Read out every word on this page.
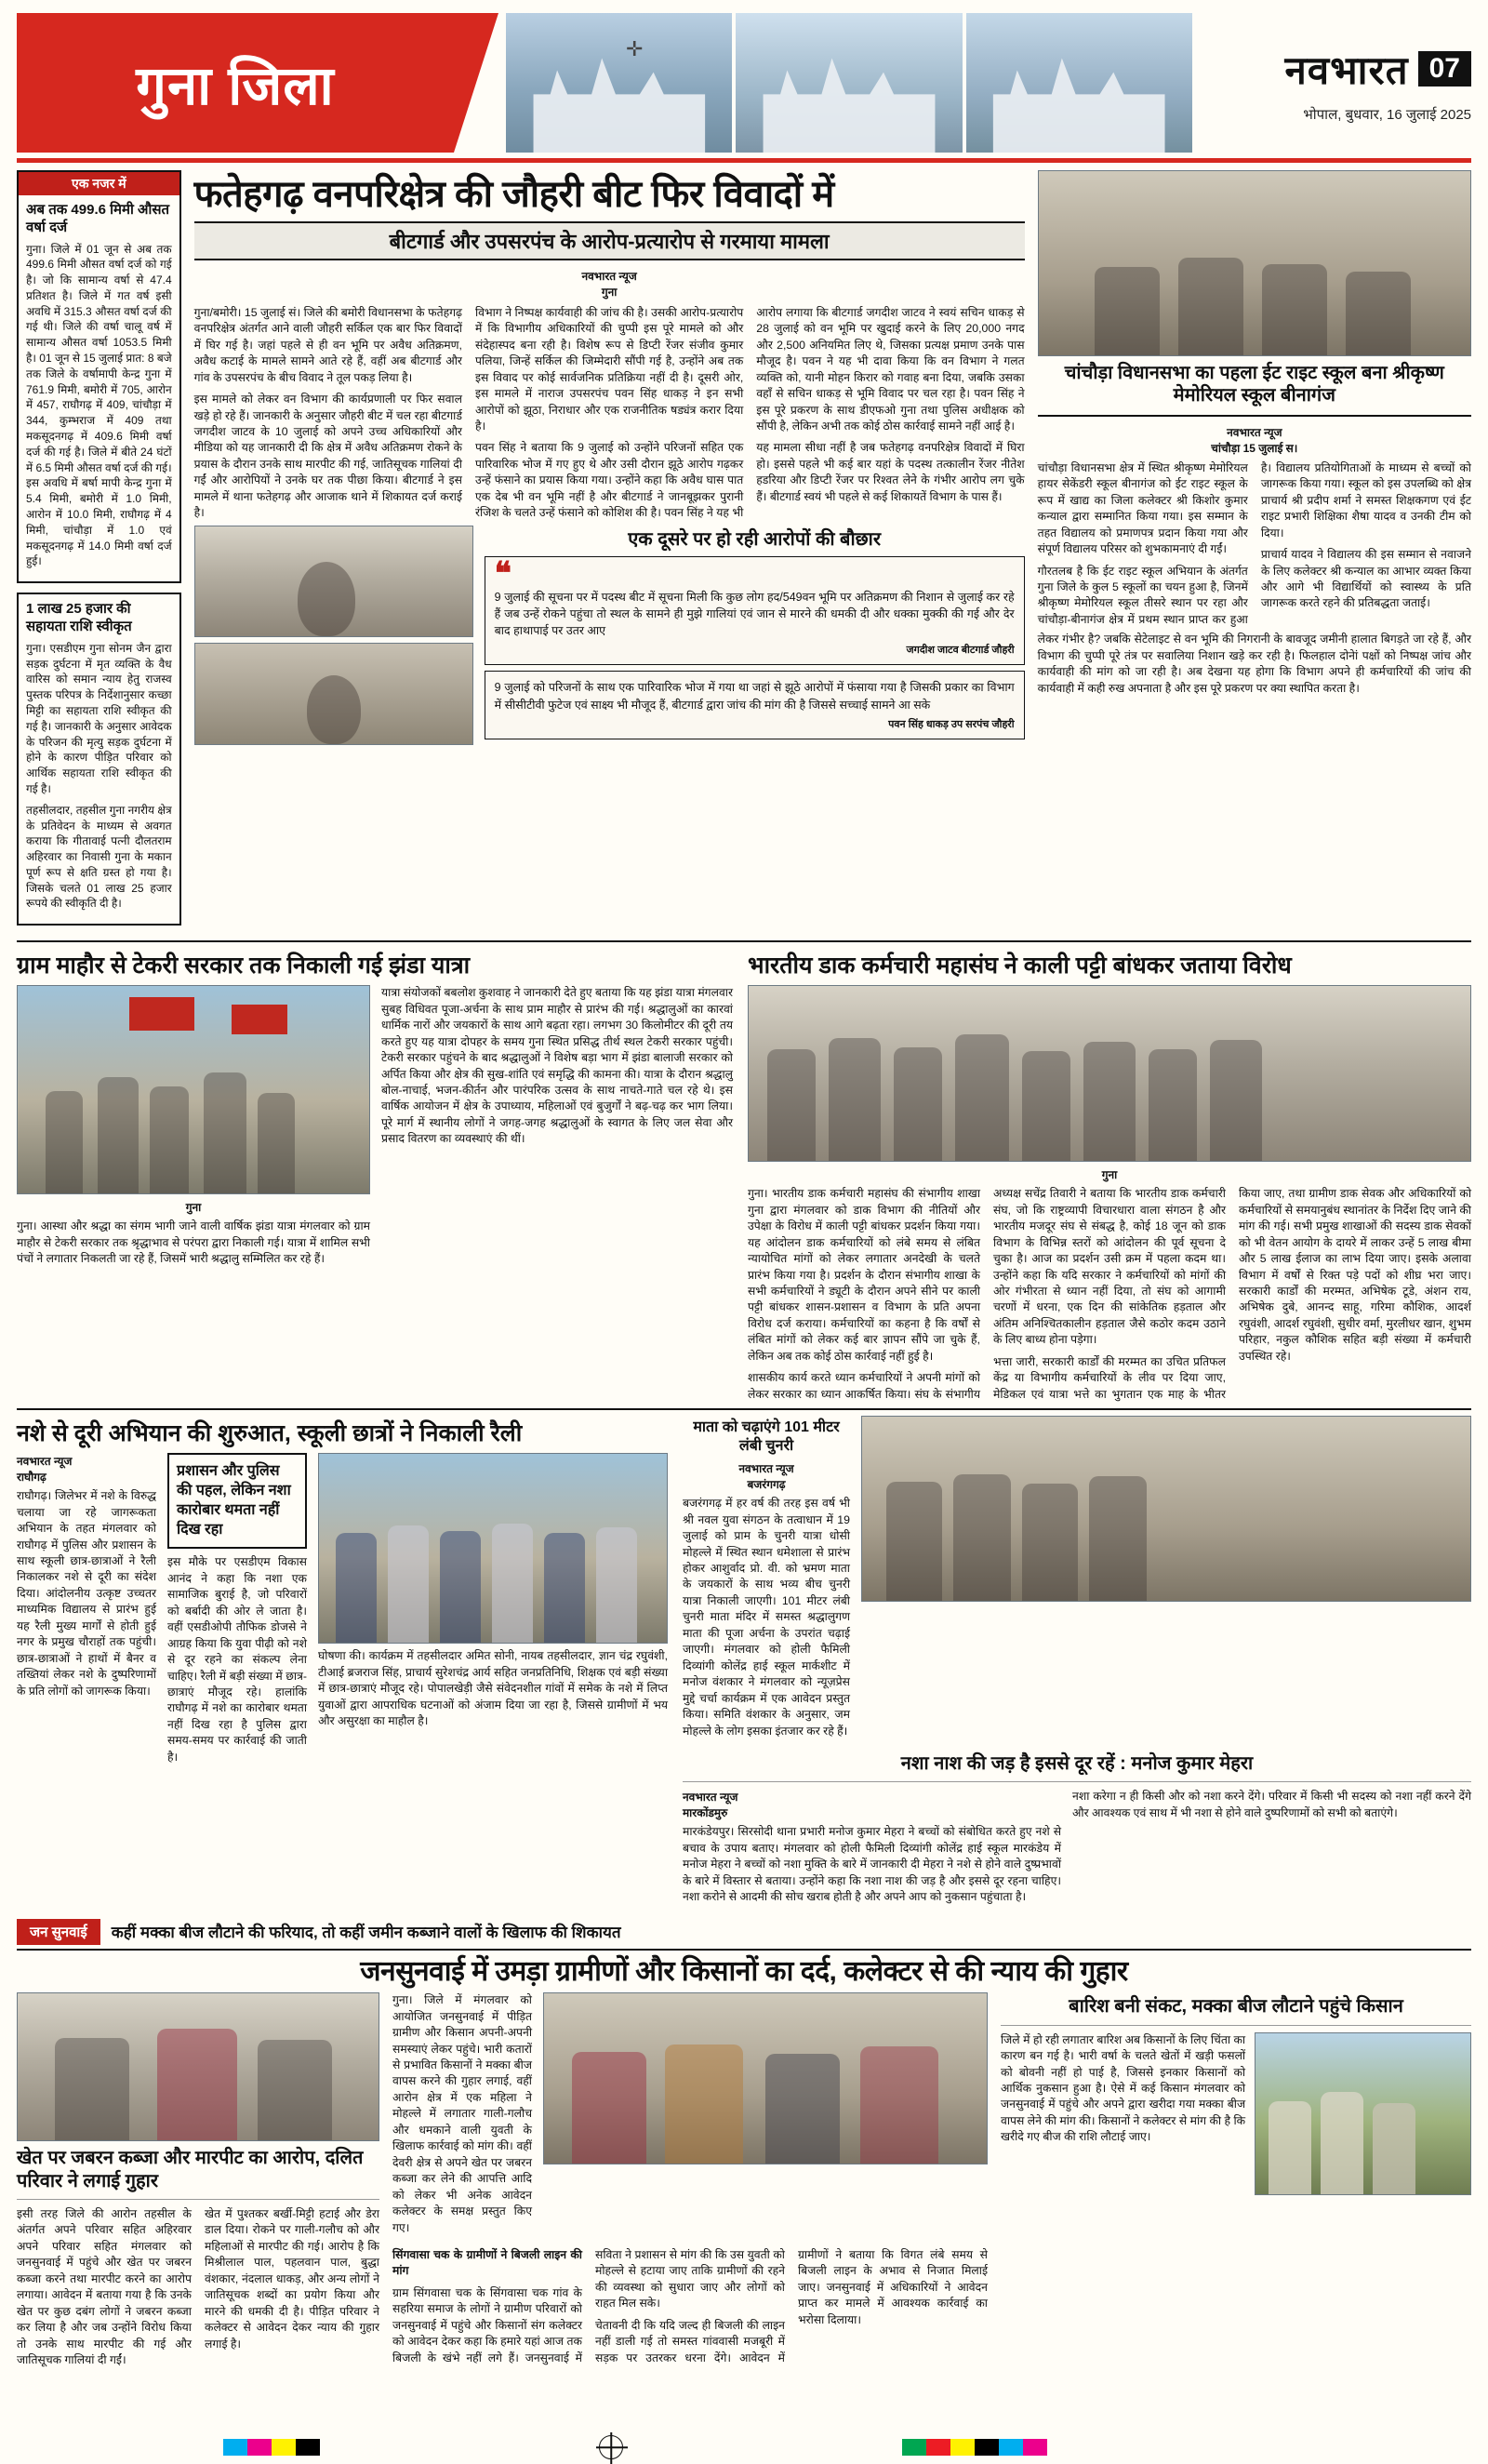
गुना जिला
✛	नवभारत 07
भोपाल, बुधवार, 16 जुलाई 2025
एक नजर में
अब तक 499.6 मिमी औसत वर्षा दर्ज

गुना। जिले में 01 जून से अब तक 499.6 मिमी औसत वर्षा दर्ज को गई है। जो कि सामान्य वर्षा से 47.4 प्रतिशत है। जिले में गत वर्ष इसी अवधि में 315.3 औसत वर्षा दर्ज की गई थी। जिले की वर्षा चालू वर्ष में सामान्य औसत वर्षा 1053.5 मिमी है। 01 जून से 15 जुलाई प्रात: 8 बजे तक जिले के वर्षामापी केन्द्र गुना में 761.9 मिमी, बमोरी में 705, आरोन में 457, राघौगढ़ में 409, चांचौड़ा में 344, कुम्भराज में 409 तथा मकसूदनगढ़ में 409.6 मिमी वर्षा दर्ज की गई है। जिले में बीते 24 घंटों में 6.5 मिमी औसत वर्षा दर्ज की गई। इस अवधि में बर्षा मापी केन्द्र गुना में 5.4 मिमी, बमोरी में 1.0 मिमी, आरोन में 10.0 मिमी, राघौगढ़ में 4 मिमी, चांचौड़ा में 1.0 एवं मकसूदनगढ़ में 14.0 मिमी वर्षा दर्ज हुई।

1 लाख 25 हजार की सहायता राशि स्वीकृत

गुना। एसडीएम गुना सोनम जैन द्वारा सड़क दुर्घटना में मृत व्यक्ति के वैध वारिस को समान न्याय हेतु राजस्व पुस्तक परिपत्र के निर्देशानुसार कच्छा मिट्टी का सहायता राशि स्वीकृत की गई है। जानकारी के अनुसार आवेदक के परिजन की मृत्यु सड़क दुर्घटना में होने के कारण पीड़ित परिवार को आर्थिक सहायता राशि स्वीकृत की गई है।

तहसीलदार, तहसील गुना नगरीय क्षेत्र के प्रतिवेदन के माध्यम से अवगत कराया कि गीतावाई पत्नी दौलतराम अहिरवार का निवासी गुना के मकान पूर्ण रूप से क्षति ग्रस्त हो गया है। जिसके चलते 01 लाख 25 हजार रूपये की स्वीकृति दी है।

फतेहगढ़ वनपरिक्षेत्र की जौहरी बीट फिर विवादों में
बीटगार्ड और उपसरपंच के आरोप-प्रत्यारोप से गरमाया मामला
नवभारत न्यूज
गुना

गुना/बमोरी। 15 जुलाई सं। जिले की बमोरी विधानसभा के फतेहगढ़ वनपरिक्षेत्र अंतर्गत आने वाली जौहरी सर्किल एक बार फिर विवादों में घिर गई है। जहां पहले से ही वन भूमि पर अवैध अतिक्रमण, अवैध कटाई के मामले सामने आते रहे हैं, वहीं अब बीटगार्ड और गांव के उपसरपंच के बीच विवाद ने तूल पकड़ लिया है।

इस मामले को लेकर वन विभाग की कार्यप्रणाली पर फिर सवाल खड़े हो रहे हैं। जानकारी के अनुसार जौहरी बीट में चल रहा बीटगार्ड जगदीश जाटव के 10 जुलाई को अपने उच्च अधिकारियों और मीडिया को यह जानकारी दी कि क्षेत्र में अवैध अतिक्रमण रोकने के प्रयास के दौरान उनके साथ मारपीट की गई, जातिसूचक गालियां दी गईं और आरोपियों ने उनके घर तक पीछा किया। बीटगार्ड ने इस मामले में थाना फतेहगढ़ और आजाक थाने में शिकायत दर्ज कराई है।

विभाग ने निष्पक्ष कार्यवाही की जांच की है। उसकी आरोप-प्रत्यारोप में कि विभागीय अधिकारियों की चुप्पी इस पूरे मामले को और संदेहास्पद बना रही है। विशेष रूप से डिप्टी रेंजर संजीव कुमार पलिया, जिन्हें सर्किल की जिम्मेदारी सौंपी गई है, उन्होंने अब तक इस विवाद पर कोई सार्वजनिक प्रतिक्रिया नहीं दी है। दूसरी ओर, इस मामले में नाराज उपसरपंच पवन सिंह धाकड़ ने इन सभी आरोपों को झूठा, निराधार और एक राजनीतिक षड्यंत्र करार दिया है।

पवन सिंह ने बताया कि 9 जुलाई को उन्होंने परिजनों सहित एक पारिवारिक भोज में गए हुए थे और उसी दौरान झूठे आरोप गढ़कर उन्हें फंसाने का प्रयास किया गया। उन्होंने कहा कि अवैध घास पात एक देब भी वन भूमि नहीं है और बीटगार्ड ने जानबूझकर पुरानी रंजिश के चलते उन्हें फंसाने को कोशिश की है। पवन सिंह ने यह भी आरोप लगाया कि बीटगार्ड जगदीश जाटव ने स्वयं सचिन धाकड़ से 28 जुलाई को वन भूमि पर खुदाई करने के लिए 20,000 नगद और 2,500 अनियमित लिए थे, जिसका प्रत्यक्ष प्रमाण उनके पास मौजूद है। पवन ने यह भी दावा किया कि वन विभाग ने गलत व्यक्ति को, यानी मोहन किरार को गवाह बना दिया, जबकि उसका वहाँ से सचिन धाकड़ से भूमि विवाद पर चल रहा है। पवन सिंह ने इस पूरे प्रकरण के साथ डीएफओ गुना तथा पुलिस अधीक्षक को सौंपी है, लेकिन अभी तक कोई ठोस कार्रवाई सामने नहीं आई है।

यह मामला सीधा नहीं है जब फतेहगढ़ वनपरिक्षेत्र विवादों में घिरा हो। इससे पहले भी कई बार यहां के पदस्थ तत्कालीन रेंजर नीतेश हडरिया और डिप्टी रेंजर पर रिश्वत लेने के गंभीर आरोप लग चुके हैं। बीटगार्ड स्वयं भी पहले से कई शिकायतें विभाग के पास हैं।

एक दूसरे पर हो रही आरोपों की बौछार
❝
9 जुलाई की सूचना पर में पदस्थ बीट में सूचना मिली कि कुछ लोग हद/549वन भूमि पर अतिक्रमण की निशान से जुलाई कर रहे हैं जब उन्हें रोकने पहुंचा तो स्थल के सामने ही मुझे गालियां एवं जान से मारने की धमकी दी और धक्का मुक्की की गई और देर बाद हाथापाई पर उतर आए
जगदीश जाटव बीटगार्ड जौहरी
9 जुलाई को परिजनों के साथ एक पारिवारिक भोज में गया था जहां से झूठे आरोपों में फंसाया गया है जिसकी प्रकार का विभाग में सीसीटीवी फुटेज एवं साक्ष्य भी मौजूद हैं, बीटगार्ड द्वारा जांच की मांग की है जिससे सच्चाई सामने आ सके
पवन सिंह धाकड़ उप सरपंच जौहरी
चांचौड़ा विधानसभा का पहला ईट राइट स्कूल बना श्रीकृष्ण मेमोरियल स्कूल बीनागंज
नवभारत न्यूज
चांचौड़ा 15 जुलाई स।

चांचौड़ा विधानसभा क्षेत्र में स्थित श्रीकृष्ण मेमोरियल हायर सेकेंडरी स्कूल बीनागंज को ईट राइट स्कूल के रूप में खाद्य का जिला कलेक्टर श्री किशोर कुमार कन्याल द्वारा सम्मानित किया गया। इस सम्मान के तहत विद्यालय को प्रमाणपत्र प्रदान किया गया और संपूर्ण विद्यालय परिसर को शुभकामनाएं दी गईं।

गौरतलब है कि ईट राइट स्कूल अभियान के अंतर्गत गुना जिले के कुल 5 स्कूलों का चयन हुआ है, जिनमें श्रीकृष्ण मेमोरियल स्कूल तीसरे स्थान पर रहा और चांचौड़ा-बीनागंज क्षेत्र में प्रथम स्थान प्राप्त कर हुआ है। विद्यालय प्रतियोगिताओं के माध्यम से बच्चों को जागरूक किया गया। स्कूल को इस उपलब्धि को क्षेत्र प्राचार्य श्री प्रदीप शर्मा ने समस्त शिक्षकगण एवं ईट राइट प्रभारी शिक्षिका शैषा यादव व उनकी टीम को दिया।

प्राचार्य यादव ने विद्यालय की इस सम्मान से नवाजने के लिए कलेक्टर श्री कन्याल का आभार व्यक्त किया और आगे भी विद्यार्थियों को स्वास्थ्य के प्रति जागरूक करते रहने की प्रतिबद्धता जताई।

लेकर गंभीर है? जबकि सेटेलाइट से वन भूमि की निगरानी के बावजूद जमीनी हालात बिगड़ते जा रहे हैं, और विभाग की चुप्पी पूरे तंत्र पर सवालिया निशान खड़े कर रही है। फिलहाल दोनेां पक्षों को निष्पक्ष जांच और कार्यवाही की मांग को जा रही है। अब देखना यह होगा कि विभाग अपने ही कर्मचारियों की जांच की कार्यवाही में कही रुख अपनाता है और इस पूरे प्रकरण पर क्या स्थापित करता है।

ग्राम माहौर से टेकरी सरकार तक निकाली गई झंडा यात्रा
गुना

गुना। आस्था और श्रद्धा का संगम भागी जाने वाली वार्षिक झंडा यात्रा मंगलवार को ग्राम माहौर से टेकरी सरकार तक श्रृद्धाभाव से परंपरा द्वारा निकाली गई। यात्रा में शामिल सभी पंचों ने लगातार निकलती जा रहे हैं, जिसमें भारी श्रद्धालु सम्मिलित कर रहे हैं।

यात्रा संयोजकों बबलोश कुशवाह ने जानकारी देते हुए बताया कि यह झंडा यात्रा मंगलवार सुबह विधिवत पूजा-अर्चना के साथ प्राम माहौर से प्रारंभ की गई। श्रद्धालुओं का कारवां धार्मिक नारों और जयकारों के साथ आगे बढ़ता रहा। लगभग 30 किलोमीटर की दूरी तय करते हुए यह यात्रा दोपहर के समय गुना स्थित प्रसिद्ध तीर्थ स्थल टेकरी सरकार पहुंची। टेकरी सरकार पहुंचने के बाद श्रद्धालुओं ने विशेष बड़ा भाग में झंडा बालाजी सरकार को अर्पित किया और क्षेत्र की सुख-शांति एवं समृद्धि की कामना की। यात्रा के दौरान श्रद्धालु बोल-नाचाई, भजन-कीर्तन और पारंपरिक उत्सव के साथ नाचते-गाते चल रहे थे। इस वार्षिक आयोजन में क्षेत्र के उपाध्याय, महिलाओं एवं बुजुर्गों ने बढ़-चढ़ कर भाग लिया। पूरे मार्ग में स्थानीय लोगों ने जगह-जगह श्रद्धालुओं के स्वागत के लिए जल सेवा और प्रसाद वितरण का व्यवस्थाएं की थीं।

भारतीय डाक कर्मचारी महासंघ ने काली पट्टी बांधकर जताया विरोध
गुना

गुना। भारतीय डाक कर्मचारी महासंघ की संभागीय शाखा गुना द्वारा मंगलवार को डाक विभाग की नीतियों और उपेक्षा के विरोध में काली पट्टी बांधकर प्रदर्शन किया गया। यह आंदोलन डाक कर्मचारियों को लंबे समय से लंबित न्यायोचित मांगों को लेकर लगातार अनदेखी के चलते प्रारंभ किया गया है। प्रदर्शन के दौरान संभागीय शाखा के सभी कर्मचारियों ने ड्यूटी के दौरान अपने सीने पर काली पट्टी बांधकर शासन-प्रशासन व विभाग के प्रति अपना विरोध दर्ज कराया। कर्मचारियों का कहना है कि वर्षों से लंबित मांगों को लेकर कई बार ज्ञापन सौंपे जा चुके हैं, लेकिन अब तक कोई ठोस कार्रवाई नहीं हुई है।

शासकीय कार्य करते ध्यान कर्मचारियों ने अपनी मांगों को लेकर सरकार का ध्यान आकर्षित किया। संघ के संभागीय अध्यक्ष सचेंद्र तिवारी ने बताया कि भारतीय डाक कर्मचारी संघ, जो कि राष्ट्रव्यापी विचारधारा वाला संगठन है और भारतीय मजदूर संघ से संबद्ध है, कोई 18 जून को डाक विभाग के विभिन्न स्तरों को आंदोलन की पूर्व सूचना दे चुका है। आज का प्रदर्शन उसी क्रम में पहला कदम था। उन्होंने कहा कि यदि सरकार ने कर्मचारियों को मांगों की ओर गंभीरता से ध्यान नहीं दिया, तो संघ को आगामी चरणों में धरना, एक दिन की सांकेतिक हड़ताल और अंतिम अनिश्चितकालीन हड़ताल जैसे कठोर कदम उठाने के लिए बाध्य होना पड़ेगा।

भत्ता जारी, सरकारी कार्डों की मरम्मत का उचित प्रतिफल केंद्र या विभागीय कर्मचारियों के लीव पर दिया जाए, मेडिकल एवं यात्रा भत्ते का भुगतान एक माह के भीतर किया जाए, तथा ग्रामीण डाक सेवक और अधिकारियों को कर्मचारियों से समयानुबंध स्थानांतर के निर्देश दिए जाने की मांग की गई। सभी प्रमुख शाखाओं की सदस्य डाक सेवकों को भी वेतन आयोग के दायरे में लाकर उन्हें 5 लाख बीमा और 5 लाख ईलाज का लाभ दिया जाए। इसके अलावा विभाग में वर्षों से रिक्त पड़े पदों को शीघ्र भरा जाए। सरकारी कार्डों की मरम्मत, अभिषेक टूडे, अंशन राय, अभिषेक दुबे, आनन्द साहू, गरिमा कौशिक, आदर्श रघुवंशी, आदर्श रघुवंशी, सुधीर वर्मा, मुरलीधर खान, शुभम परिहार, नकुल कौशिक सहित बड़ी संख्या में कर्मचारी उपस्थित रहे।

नशे से दूरी अभियान की शुरुआत, स्कूली छात्रों ने निकाली रैली
नवभारत न्यूज
राघौगढ़

राघौगढ़। जिलेभर में नशे के विरुद्ध चलाया जा रहे जागरूकता अभियान के तहत मंगलवार को राघौगढ़ में पुलिस और प्रशासन के साथ स्कूली छात्र-छात्राओं ने रैली निकालकर नशे से दूरी का संदेश दिया। आंदोलनीय उत्कृष्ट उच्चतर माध्यमिक विद्यालय से प्रारंभ हुई यह रैली मुख्य मार्गों से होती हुई नगर के प्रमुख चौराहों तक पहुंची। छात्र-छात्राओं ने हाथों में बैनर व तख्तियां लेकर नशे के दुष्परिणामों के प्रति लोगों को जागरूक किया।

प्रशासन और पुलिस की पहल, लेकिन नशा कारोबार थमता नहीं दिख रहा

इस मौके पर एसडीएम विकास आनंद ने कहा कि नशा एक सामाजिक बुराई है, जो परिवारों को बर्बादी की ओर ले जाता है। वहीं एसडीओपी तौफिक डोजसे ने आग्रह किया कि युवा पीढ़ी को नशे से दूर रहने का संकल्प लेना चाहिए। रैली में बड़ी संख्या में छात्र-छात्राएं मौजूद रहे। हालांकि राघौगढ़ में नशे का कारोबार थमता नहीं दिख रहा है पुलिस द्वारा समय-समय पर कार्रवाई की जाती है।

घोषणा की। कार्यक्रम में तहसीलदार अमित सोनी, नायब तहसीलदार, ज्ञान चंद्र रघुवंशी, टीआई ब्रजराज सिंह, प्राचार्य सुरेशचंद्र आर्य सहित जनप्रतिनिधि, शिक्षक एवं बड़ी संख्या में छात्र-छात्राएं मौजूद रहे। पोपालखेड़ी जैसे संवेदनशील गांवों में समेक के नशे में लिप्त युवाओं द्वारा आपराधिक घटनाओं को अंजाम दिया जा रहा है, जिससे ग्रामीणों में भय और असुरक्षा का माहौल है।

माता को चढ़ाएंगे 101 मीटर लंबी चुनरी
नवभारत न्यूज
बजरंगगढ़

बजरंगगढ़ में हर वर्ष की तरह इस वर्ष भी श्री नवल युवा संगठन के तत्वाधान में 19 जुलाई को प्राम के चुनरी यात्रा धोसी मोहल्ले में स्थित स्थान धमेशाला से प्रारंभ होकर आशुर्वाद प्रो. वी. को भ्रमण माता के जयकारों के साथ भव्य बीच चुनरी यात्रा निकाली जाएगी। 101 मीटर लंबी चुनरी माता मंदिर में समस्त श्रद्धालुगण माता की पूजा अर्चना के उपरांत चढ़ाई जाएगी। मंगलवार को होली फैमिली दिव्यांगी कोलेंद्र हाई स्कूल मार्कशीट में मनोज वंशकार ने मंगलवार को न्यूज़प्रेस मुद्दे चर्चा कार्यक्रम में एक आवेदन प्रस्तुत किया। समिति वंशकार के अनुसार, जम मोहल्ले के लोग इसका इंतजार कर रहे हैं।

नशा नाश की जड़ है इससे दूर रहें : मनोज कुमार मेहरा
नवभारत न्यूज
मारकोंडमुरु

मारकंडेयपुर। सिरसोदी थाना प्रभारी मनोज कुमार मेहरा ने बच्चों को संबोधित करते हुए नशे से बचाव के उपाय बताए। मंगलवार को होली फैमिली दिव्यांगी कोलेंद्र हाई स्कूल मारकंडेय में मनोज मेहरा ने बच्चों को नशा मुक्ति के बारे में जानकारी दी मेहरा ने नशे से होने वाले दुष्प्रभावों के बारे में विस्तार से बताया। उन्होंने कहा कि नशा नाश की जड़ है और इससे दूर रहना चाहिए। नशा करोने से आदमी की सोच खराब होती है और अपने आप को नुकसान पहुंचाता है।

नशा करेगा न ही किसी और को नशा करने देंगे। परिवार में किसी भी सदस्य को नशा नहीं करने देंगे और आवश्यक एवं साथ में भी नशा से होने वाले दुष्परिणामों को सभी को बताएंगे।

जन सुनवाई	कहीं मक्का बीज लौटाने की फरियाद, तो कहीं जमीन कब्जाने वालों के खिलाफ की शिकायत
जनसुनवाई में उमड़ा ग्रामीणों और किसानों का दर्द, कलेक्टर से की न्याय की गुहार
खेत पर जबरन कब्जा और मारपीट का आरोप, दलित परिवार ने लगाई गुहार

इसी तरह जिले की आरोन तहसील के अंतर्गत अपने परिवार सहित अहिरवार अपने परिवार सहित मंगलवार को जनसुनवाई में पहुंचे और खेत पर जबरन कब्जा करने तथा मारपीट करने का आरोप लगाया। आवेदन में बताया गया है कि उनके खेत पर कुछ दबंग लोगों ने जबरन कब्जा कर लिया है और जब उन्होंने विरोध किया तो उनके साथ मारपीट की गई और जातिसूचक गालियां दी गईं।

खेत में पुश्तकर बर्खी-मिट्टी हटाई और डेरा डाल दिया। रोकने पर गाली-गलौच को और महिलाओं से मारपीट की गई। आरोप है कि मिश्रीलाल पाल, पहलवान पाल, बुद्धा वंशकार, नंदलाल धाकड़, और अन्य लोगों ने जातिसूचक शब्दों का प्रयोग किया और मारने की धमकी दी है। पीड़ित परिवार ने कलेक्टर से आवेदन देकर न्याय की गुहार लगाई है।

गुना। जिले में मंगलवार को आयोजित जनसुनवाई में पीड़ित ग्रामीण और किसान अपनी-अपनी समस्याएं लेकर पहुंचे। भारी कतारों से प्रभावित किसानों ने मक्का बीज वापस करने की गुहार लगाई, वहीं आरोन क्षेत्र में एक महिला ने मोहल्ले में लगातार गाली-गलौच और धमकाने वाली युवती के खिलाफ कार्रवाई को मांग की। वहीं देवरी क्षेत्र से अपने खेत पर जबरन कब्जा कर लेने की आपत्ति आदि को लेकर भी अनेक आवेदन कलेक्टर के समक्ष प्रस्तुत किए गए।

सिंगवासा चक के ग्रामीणों ने बिजली लाइन की मांग

ग्राम सिंगवासा चक के सिंगवासा चक गांव के सहरिया समाज के लोगों ने ग्रामीण परिवारों को जनसुनवाई में पहुंचे और किसानों संग कलेक्टर को आवेदन देकर कहा कि हमारे यहां आज तक बिजली के खंभे नहीं लगे हैं। जनसुनवाई में सविता ने प्रशासन से मांग की कि उस युवती को मोहल्ले से हटाया जाए ताकि ग्रामीणों की रहने की व्यवस्था को सुधारा जाए और लोगों को राहत मिल सके।

चेतावनी दी कि यदि जल्द ही बिजली की लाइन नहीं डाली गई तो समस्त गांववासी मजबूरी में सड़क पर उतरकर धरना देंगे। आवेदन में ग्रामीणों ने बताया कि विगत लंबे समय से बिजली लाइन के अभाव से निजात मिलाई जाए। जनसुनवाई में अधिकारियों ने आवेदन प्राप्त कर मामले में आवश्यक कार्रवाई का भरोसा दिलाया।

बारिश बनी संकट, मक्का बीज लौटाने पहुंचे किसान

जिले में हो रही लगातार बारिश अब किसानों के लिए चिंता का कारण बन गई है। भारी वर्षा के चलते खेतों में खड़ी फसलों को बोवनी नहीं हो पाई है, जिससे इनकार किसानों को आर्थिक नुकसान हुआ है। ऐसे में कई किसान मंगलवार को जनसुनवाई में पहुंचे और अपने द्वारा खरीदा गया मक्का बीज वापस लेने की मांग की। किसानों ने कलेक्टर से मांग की है कि खरीदे गए बीज की राशि लौटाई जाए।
